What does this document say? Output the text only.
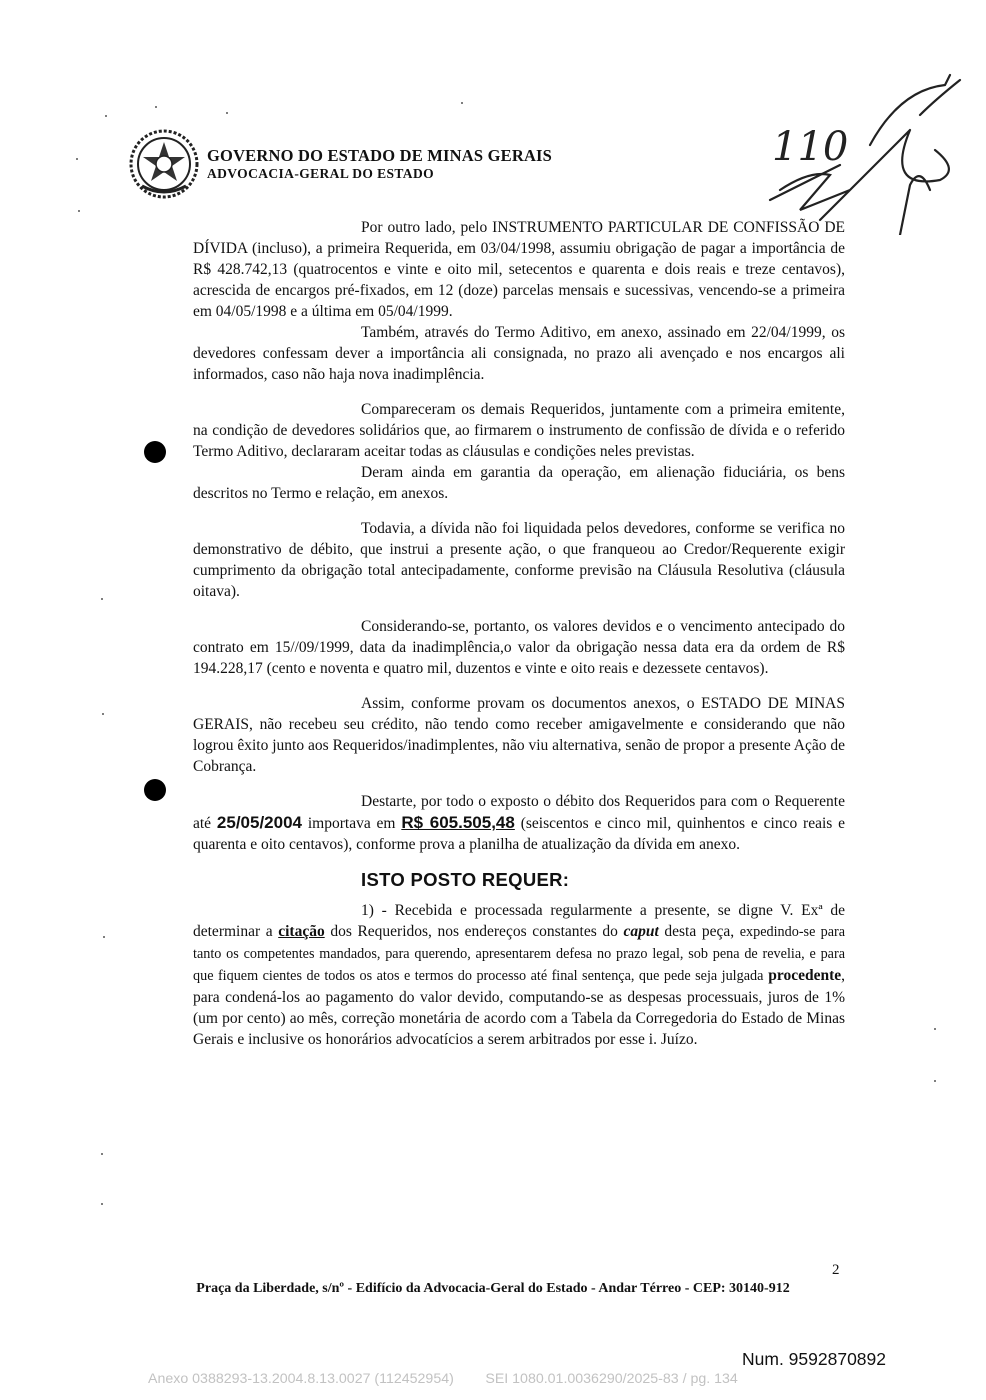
GOVERNO DO ESTADO DE MINAS GERAIS
ADVOCACIA-GERAL DO ESTADO
110

Por outro lado, pelo INSTRUMENTO PARTICULAR DE CONFISSÃO DE DÍVIDA (incluso), a primeira Requerida, em 03/04/1998, assumiu obrigação de pagar a importância de R$ 428.742,13 (quatrocentos e vinte e oito mil, setecentos e quarenta e dois reais e treze centavos), acrescida de encargos pré-fixados, em 12 (doze) parcelas mensais e sucessivas, vencendo-se a primeira em 04/05/1998 e a última em 05/04/1999.

Também, através do Termo Aditivo, em anexo, assinado em 22/04/1999, os devedores confessam dever a importância ali consignada, no prazo ali avençado e nos encargos ali informados, caso não haja nova inadimplência.

Compareceram os demais Requeridos, juntamente com a primeira emitente, na condição de devedores solidários que, ao firmarem o instrumento de confissão de dívida e o referido Termo Aditivo, declararam aceitar todas as cláusulas e condições neles previstas.

Deram ainda em garantia da operação, em alienação fiduciária, os bens descritos no Termo e relação, em anexos.

Todavia, a dívida não foi liquidada pelos devedores, conforme se verifica no demonstrativo de débito, que instrui a presente ação, o que franqueou ao Credor/Requerente exigir cumprimento da obrigação total antecipadamente, conforme previsão na Cláusula Resolutiva (cláusula oitava).

Considerando-se, portanto, os valores devidos e o vencimento antecipado do contrato em 15//09/1999, data da inadimplência,o valor da obrigação nessa data era da ordem de R$ 194.228,17 (cento e noventa e quatro mil, duzentos e vinte e oito reais e dezessete centavos).

Assim, conforme provam os documentos anexos, o ESTADO DE MINAS GERAIS, não recebeu seu crédito, não tendo como receber amigavelmente e considerando que não logrou êxito junto aos Requeridos/inadimplentes, não viu alternativa, senão de propor a presente Ação de Cobrança.

Destarte, por todo o exposto o débito dos Requeridos para com o Requerente até 25/05/2004 importava em R$ 605.505,48 (seiscentos e cinco mil, quinhentos e cinco reais e quarenta e oito centavos), conforme prova a planilha de atualização da dívida em anexo.

ISTO POSTO REQUER:

1) - Recebida e processada regularmente a presente, se digne V. Exª de determinar a citação dos Requeridos, nos endereços constantes do caput desta peça, expedindo-se para tanto os competentes mandados, para querendo, apresentarem defesa no prazo legal, sob pena de revelia, e para que fiquem cientes de todos os atos e termos do processo até final sentença, que pede seja julgada procedente, para condená-los ao pagamento do valor devido, computando-se as despesas processuais, juros de 1% (um por cento) ao mês, correção monetária de acordo com a Tabela da Corregedoria do Estado de Minas Gerais e inclusive os honorários advocatícios a serem arbitrados por esse i. Juízo.

2
Praça da Liberdade, s/nº - Edifício da Advocacia-Geral do Estado - Andar Térreo - CEP: 30140-912
Num. 9592870892
Anexo 0388293-13.2004.8.13.0027 (112452954)        SEI 1080.01.0036290/2025-83 / pg. 134
